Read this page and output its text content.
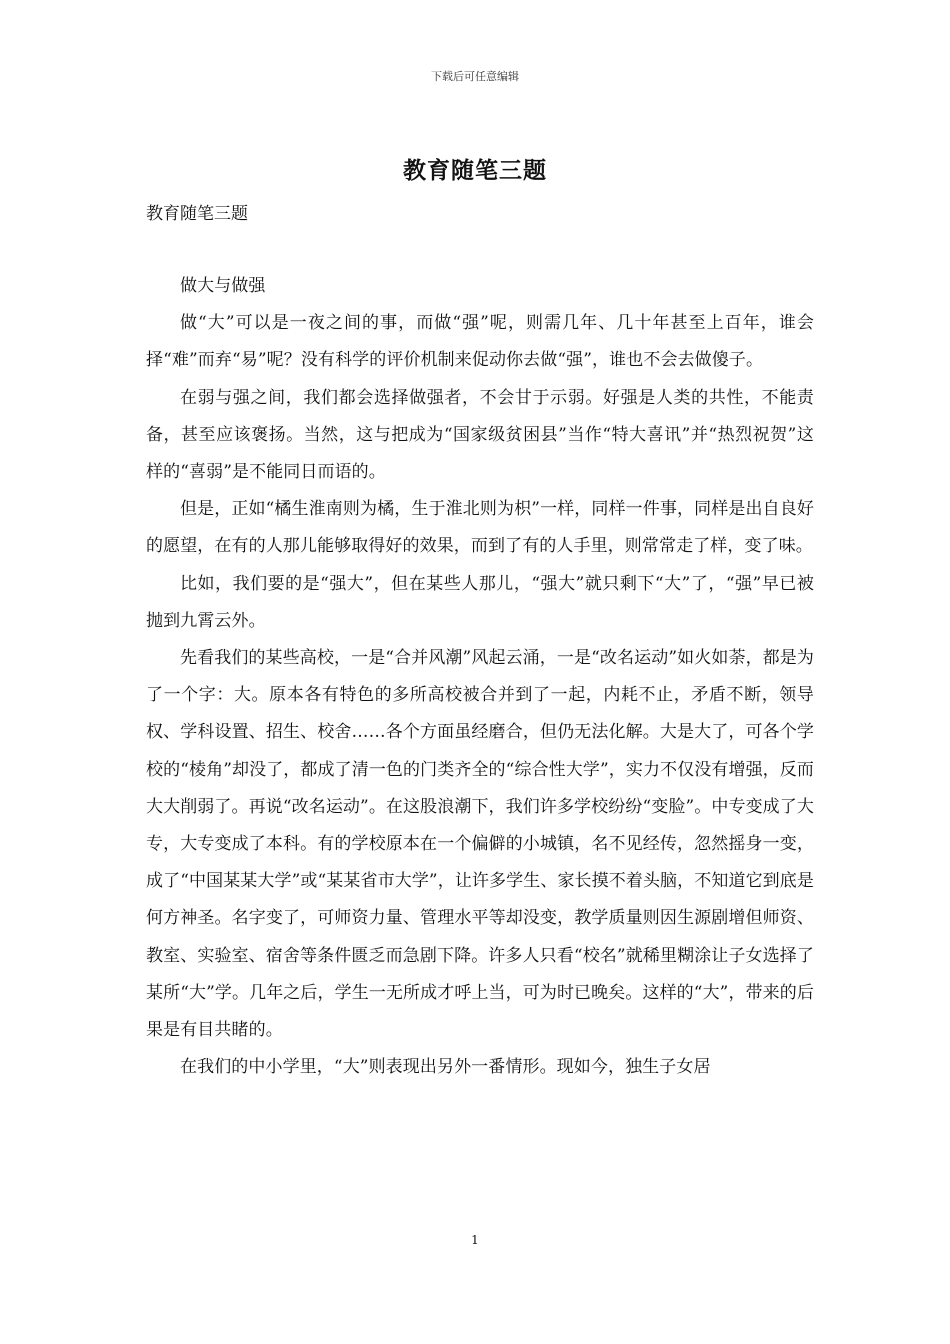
下载后可任意编辑
教育随笔三题
教育随笔三题

做大与做强

做“大”可以是一夜之间的事，而做“强”呢，则需几年、几十年甚至上百年，谁会择“难”而弃“易”呢？没有科学的评价机制来促动你去做“强”，谁也不会去做傻子。

在弱与强之间，我们都会选择做强者，不会甘于示弱。好强是人类的共性，不能责备，甚至应该褒扬。当然，这与把成为“国家级贫困县”当作“特大喜讯”并“热烈祝贺”这样的“喜弱”是不能同日而语的。

但是，正如“橘生淮南则为橘，生于淮北则为枳”一样，同样一件事，同样是出自良好的愿望，在有的人那儿能够取得好的效果，而到了有的人手里，则常常走了样，变了味。

比如，我们要的是“强大”，但在某些人那儿，“强大”就只剩下“大”了，“强”早已被抛到九霄云外。

先看我们的某些高校，一是“合并风潮”风起云涌，一是“改名运动”如火如荼，都是为了一个字：大。原本各有特色的多所高校被合并到了一起，内耗不止，矛盾不断，领导权、学科设置、招生、校舍……各个方面虽经磨合，但仍无法化解。大是大了，可各个学校的“棱角”却没了，都成了清一色的门类齐全的“综合性大学”，实力不仅没有增强，反而大大削弱了。再说“改名运动”。在这股浪潮下，我们许多学校纷纷“变脸”。中专变成了大专，大专变成了本科。有的学校原本在一个偏僻的小城镇，名不见经传，忽然摇身一变，成了“中国某某大学”或“某某省市大学”，让许多学生、家长摸不着头脑，不知道它到底是何方神圣。名字变了，可师资力量、管理水平等却没变，教学质量则因生源剧增但师资、教室、实验室、宿舍等条件匮乏而急剧下降。许多人只看“校名”就稀里糊涂让子女选择了某所“大”学。几年之后，学生一无所成才呼上当，可为时已晚矣。这样的“大”，带来的后果是有目共睹的。

在我们的中小学里，“大”则表现出另外一番情形。现如今，独生子女居

1
